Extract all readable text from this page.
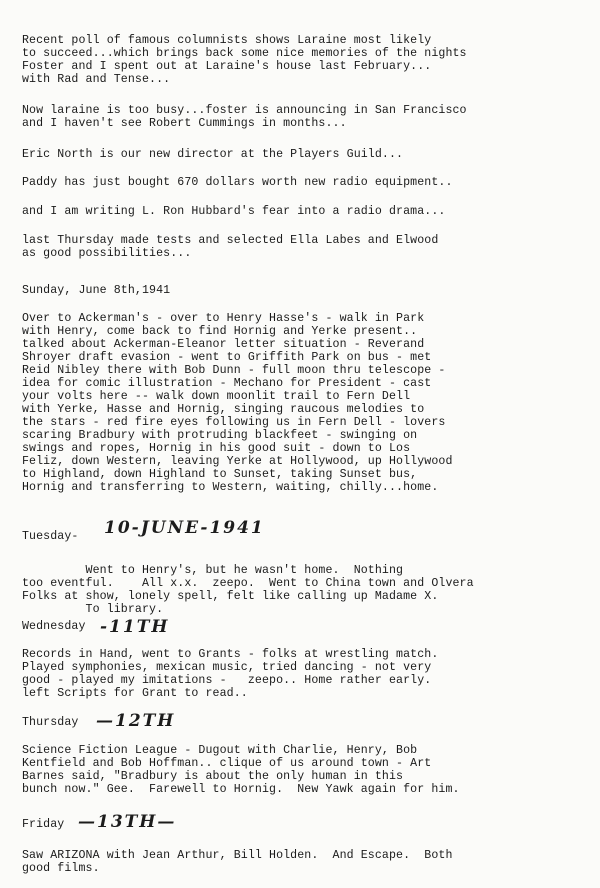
Recent poll of famous columnists shows Laraine most likely
to succeed...which brings back some nice memories of the nights
Foster and I spent out at Laraine's house last February...
with Rad and Tense...
Now laraine is too busy...foster is announcing in San Francisco
and I haven't see Robert Cummings in months...
Eric North is our new director at the Players Guild...
Paddy has just bought 670 dollars worth new radio equipment..
and I am writing L. Ron Hubbard's fear into a radio drama...
last Thursday made tests and selected Ella Labes and Elwood
as good possibilities...
Sunday, June 8th,1941
Over to Ackerman's - over to Henry Hasse's - walk in Park
with Henry, come back to find Hornig and Yerke present..
talked about Ackerman-Eleanor letter situation - Reverand
Shroyer draft evasion - went to Griffith Park on bus - met
Reid Nibley there with Bob Dunn - full moon thru telescope -
idea for comic illustration - Mechano for President - cast
your volts here -- walk down moonlit trail to Fern Dell
with Yerke, Hasse and Hornig, singing raucous melodies to
the stars - red fire eyes following us in Fern Dell - lovers
scaring Bradbury with protruding blackfeet - swinging on
swings and ropes, Hornig in his good suit - down to Los
Feliz, down Western, leaving Yerke at Hollywood, up Hollywood
to Highland, down Highland to Sunset, taking Sunset bus,
Hornig and transferring to Western, waiting, chilly...home.
Tuesday- 10-JUNE-1941
Went to Henry's, but he wasn't home.  Nothing
too eventful.    All x.x.  zeepo.  Went to China town and Olvera
Folks at show, lonely spell, felt like calling up Madame X.
To library.
Wednesday -11TH
Records in Hand, went to Grants - folks at wrestling match.
Played symphonies, mexican music, tried dancing - not very
good - played my imitations -   zeepo.. Home rather early.
left Scripts for Grant to read..
Thursday —12TH
Science Fiction League - Dugout with Charlie, Henry, Bob
Kentfield and Bob Hoffman.. clique of us around town - Art
Barnes said, "Bradbury is about the only human in this
bunch now." Gee.  Farewell to Hornig.  New Yawk again for him.
Friday —13TH—
Saw ARIZONA with Jean Arthur, Bill Holden.  And Escape.  Both
good films.
